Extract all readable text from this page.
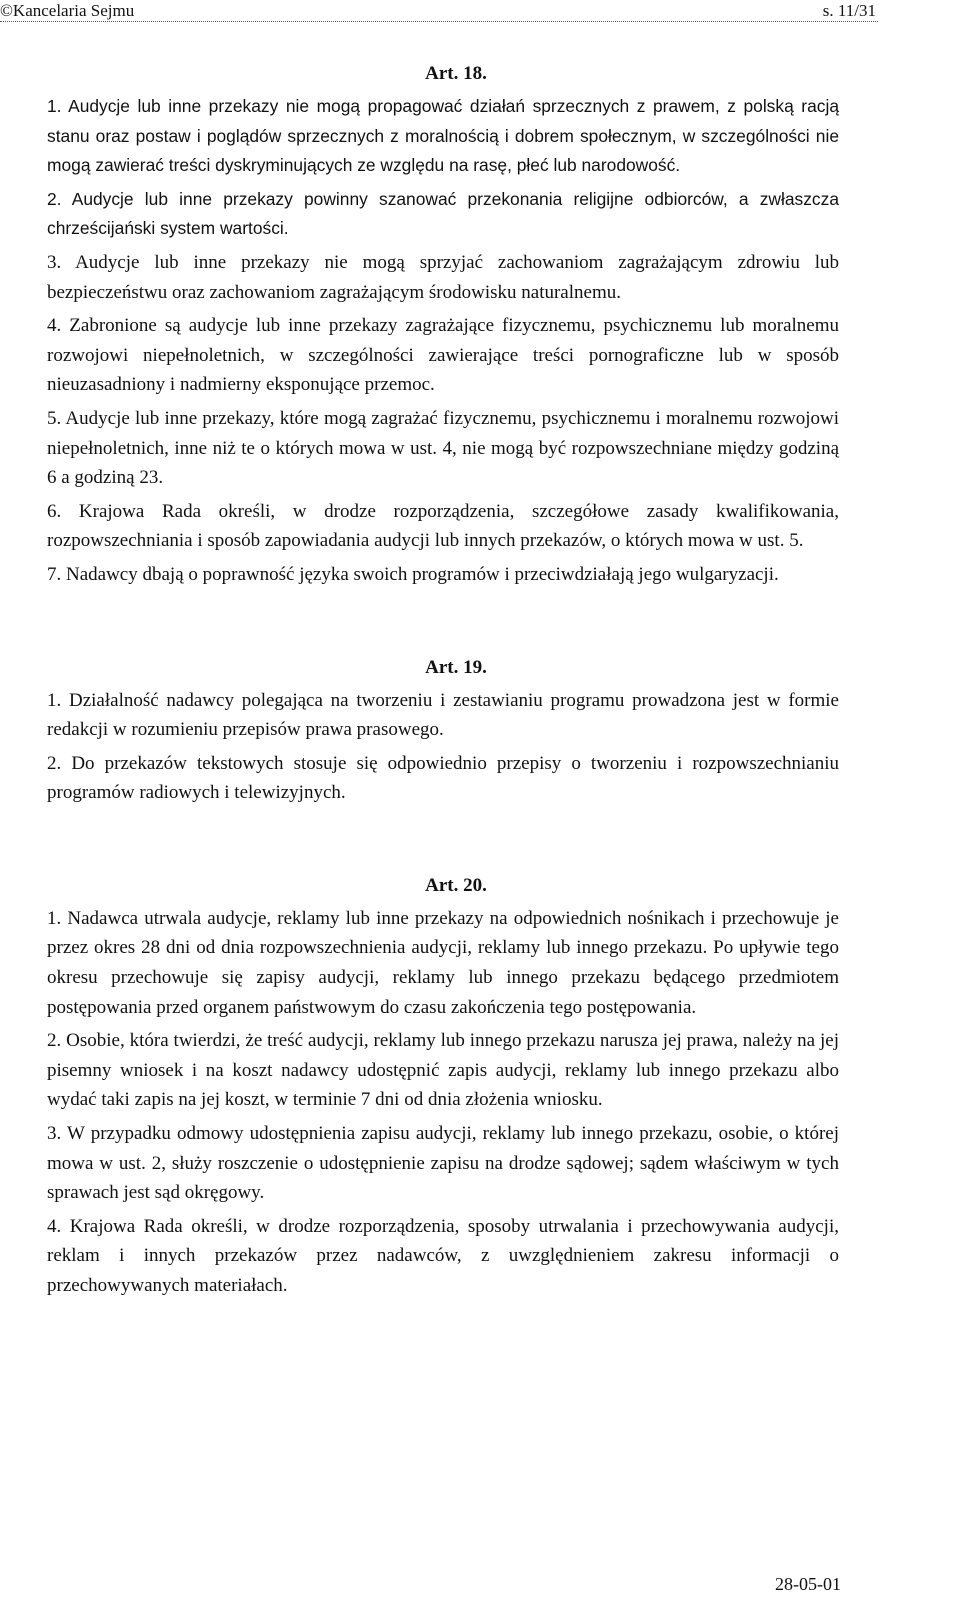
©Kancelaria Sejmu	s. 11/31
Art. 18.

1. Audycje lub inne przekazy nie mogą propagować działań sprzecznych z prawem, z polską racją stanu oraz postaw i poglądów sprzecznych z moralnością i dobrem społecznym, w szczególności nie mogą zawierać treści dyskryminujących ze względu na rasę, płeć lub narodowość.

2. Audycje lub inne przekazy powinny szanować przekonania religijne odbiorców, a zwłaszcza chrześcijański system wartości.

3. Audycje lub inne przekazy nie mogą sprzyjać zachowaniom zagrażającym zdrowiu lub bezpieczeństwu oraz zachowaniom zagrażającym środowisku naturalnemu.

4. Zabronione są audycje lub inne przekazy zagrażające fizycznemu, psychicznemu lub moralnemu rozwojowi niepełnoletnich, w szczególności zawierające treści pornograficzne lub w sposób nieuzasadniony i nadmierny eksponujące przemoc.

5. Audycje lub inne przekazy, które mogą zagrażać fizycznemu, psychicznemu i moralnemu rozwojowi niepełnoletnich, inne niż te o których mowa w ust. 4, nie mogą być rozpowszechniane między godziną 6 a godziną 23.

6. Krajowa Rada określi, w drodze rozporządzenia, szczegółowe zasady kwalifikowania, rozpowszechniania i sposób zapowiadania audycji lub innych przekazów, o których mowa w ust. 5.

7. Nadawcy dbają o poprawność języka swoich programów i przeciwdziałają jego wulgaryzacji.

Art. 19.

1. Działalność nadawcy polegająca na tworzeniu i zestawianiu programu prowadzona jest w formie redakcji w rozumieniu przepisów prawa prasowego.

2. Do przekazów tekstowych stosuje się odpowiednio przepisy o tworzeniu i rozpowszechnianiu programów radiowych i telewizyjnych.

Art. 20.

1. Nadawca utrwala audycje, reklamy lub inne przekazy na odpowiednich nośnikach i przechowuje je przez okres 28 dni od dnia rozpowszechnienia audycji, reklamy lub innego przekazu. Po upływie tego okresu przechowuje się zapisy audycji, reklamy lub innego przekazu będącego przedmiotem postępowania przed organem państwowym do czasu zakończenia tego postępowania.

2. Osobie, która twierdzi, że treść audycji, reklamy lub innego przekazu narusza jej prawa, należy na jej pisemny wniosek i na koszt nadawcy udostępnić zapis audycji, reklamy lub innego przekazu albo wydać taki zapis na jej koszt, w terminie 7 dni od dnia złożenia wniosku.

3. W przypadku odmowy udostępnienia zapisu audycji, reklamy lub innego przekazu, osobie, o której mowa w ust. 2, służy roszczenie o udostępnienie zapisu na drodze sądowej; sądem właściwym w tych sprawach jest sąd okręgowy.

4. Krajowa Rada określi, w drodze rozporządzenia, sposoby utrwalania i przechowywania audycji, reklam i innych przekazów przez nadawców, z uwzględnieniem zakresu informacji o przechowywanych materiałach.

28-05-01
